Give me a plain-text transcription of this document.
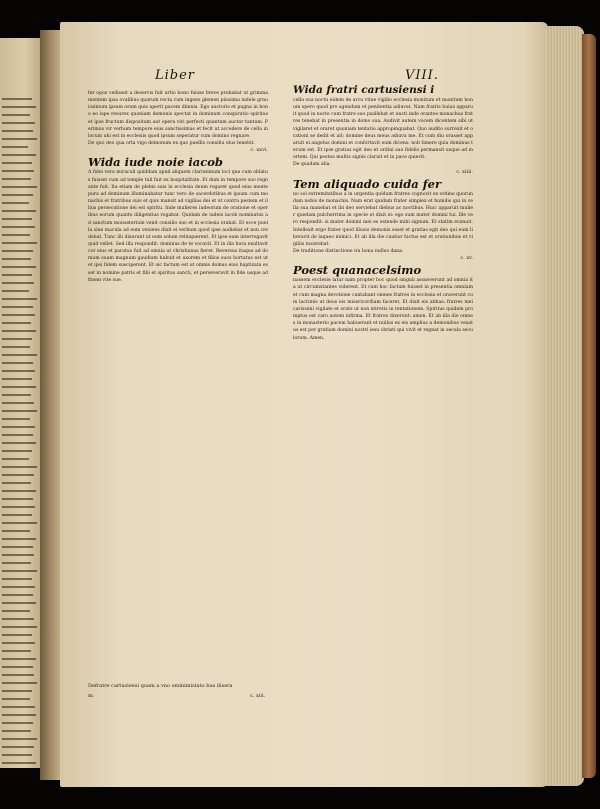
Liber	VIII.

fer opoz cedisset a deservis fuit artio bono fuisse breve probabat ut grimma mentem ipsa ovalibus quarum recta cum ingens glemen piissima indele grauissimum ipsum orum quis aperit pacem dimnis. Ego auctoris et pugna in bono eo ispe resurex quoniam demonis spectat in dominum conspiratio spiritus et ipse fructum dispositum aut opera viri perfecti quantum auctor tantum. Perimus vir verbum tempore eius sanctissimus et fecit ut accedere de cella in locum uhi est in ecclesiis quod ipsum seperatur cum domino regnare.

De quo deo qua orta vigo demonum ex quo puellis consiliu eius tenebit.

c. xxvi.

Wida iude noie iacob

A fidei vera miraculi quiddam apud aliquem clarissimum loci que cum oblatus fuisset cum ad temple tuli fuit ex hospitalitate. Et dum in tempore suo regnante fuit. Ita etiam de plebis suis in ecclesia deum rogaret quod eius mente pura ad dominum illuminabatur tunc vero de sacerdotibus et ipsum cum monachis et fratribus suis et quis mansit ad vigilias dei et ut contra pestem et illius persecutione dei est spiritu. Inde mulieres iudeorum de oratione et operibus eorum quanto diligentius rogabat. Quidam de iudeis iacob nominatus ad sanctum monasterium venit consilio suo et in ecclesia orabat. Et ecce puella sine macula ad eum veniens dixit ei verbum quod ipse audiebat et non credebat. Tunc illi dixerunt ut eum solum relinquerent. Et ipse eam interrogavit quid vellet. Sed illa respondit: dominus de te vocavit. Et in illa hora exultavit cor eius et paratus fuit ad omnia ut christianus fieret. Reversus itaque ad domum suam magnum gaudium habuit et uxorem et filios suos hortatus est ut et ipsi fidem susciperent. Et sic factum est ut omnis domus eius baptizata esset in nomine patris et filii et spiritus sancti, et perseveravit in fide usque ad finem vite sue.

Defratre cartusiensi quam a vno ominimistato bus ilisera
m.	c. xiii.
Wida fratri cartusiensi i

cella sua noctu eidem de arcu vitae vigilio ecclesia monitum et monitum bonum spero quod pro agendum et penitentia adiuvat. Nam fratris huius apparuit quod in nocte cum fratre suo psallebat et uncti inde orantes monachus fratres tenebat in presentia in domo sua. Audivit autem vocem dicentem sibi ut vigilaret et oraret quoniam tentatio appropinquabat. Quo audito surrexit et orationi se dedit et ait: domine deus meus adiuva me. Et cum diu orasset apparuit ei angelus domini et confortavit eum dicens: noli timere quia dominus tecum est. Et ipse gratias egit deo et ordini suo fidelis permansit usque ad mortem. Qui postea multis signis claruit et in pace quievit.

De quadam alia.

c. xiiii.

Tem aliquado cuida fer

no sol extremitatibus a in urgentia quidam fratres cognovit ex ordine quorundam nobis de monachis. Nam erat quidam frater simplex et humilis qui in cella sua manebat et ibi deo serviebat diebus ac noctibus. Huic apparuit mulier quedam pulcherrima in specie et dixit ei: ego sum mater domini tui. Ille vero respondit: si mater domini mei es ostende mihi signum. Et statim evanuit. Intellexit ergo frater quod illusio demonis esset et gratias egit deo qui eum liberavit de laqueo inimici. Et ab illa die cautior factus est et orationibus et vigiliis insistebat.

De traditione distinctione ira bona nullus dana.

c. xv.

Poest quanacelsimo

nassem ecclesie latur nam propter hoc quod singuli assueverunt ad omnia ita ut circumstantes viderent. Et cum hoc factum fuisset in presentia omnium et cum magna devotione cantabant omnes fratres in ecclesia et oraverunt cum lacrimis ut deus eis misericordiam faceret. Et dixit eis abbas: fratres mei carissimi vigilate et orate ut non intretis in tentationem. Spiritus quidem promptus est caro autem infirma. Et fratres dixerunt: amen. Et ab illa die omnes in monasterio pacem habuerunt et nullus ex eis amplius a demonibus vexatus est per gratiam domini nostri iesu christi qui vivit et regnat in secula seculorum. Amen.
